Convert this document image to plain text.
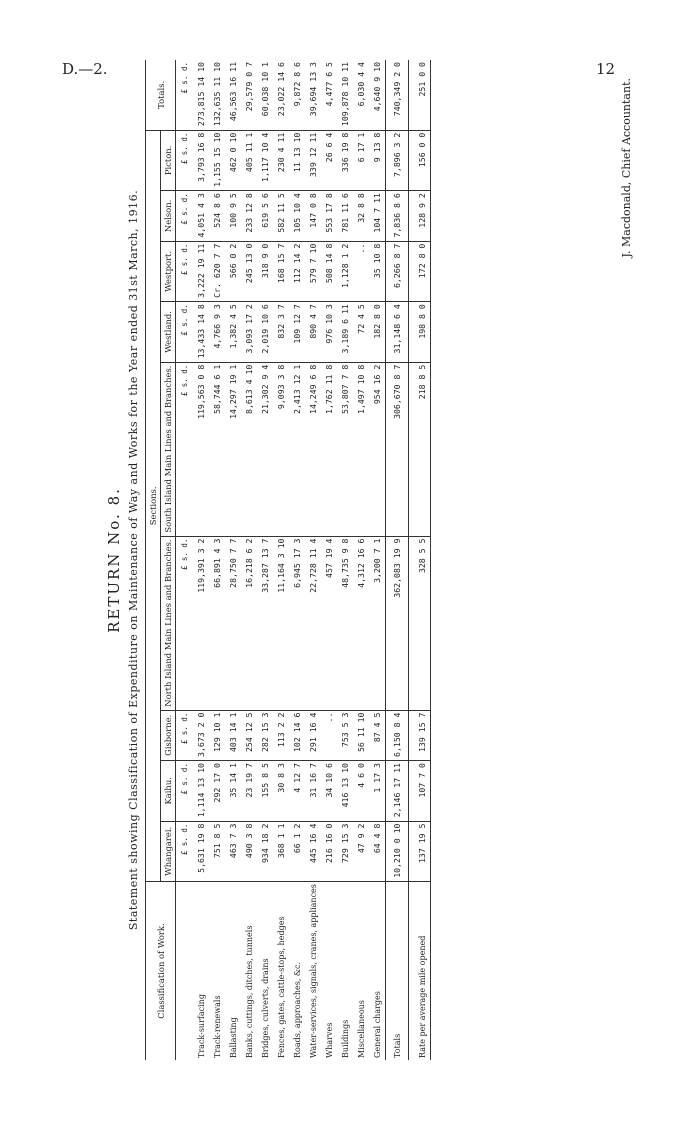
D.—2.	12
RETURN No. 8. Statement showing Classification of Expenditure on Maintenance of Way and Works for the Year ended 31st March, 1916.
Classification of Work.	Sections.									Totals.
	Whangarei.	Kaihu.	Gisborne.	North Island Main Lines and Branches.	South Island Main Lines and Branches.	Westland.	Westport.	Nelson.	Picton.	
	£ s. d.	£ s. d.	£ s. d.	£ s. d.	£ s. d.	£ s. d.	£ s. d.	£ s. d.	£ s. d.	£ s. d.
Track-surfacing	5,631 19 8	1,114 13 10	3,673 2 0	119,391 3 2	119,563 0 8	13,433 14 8	3,222 19 11	4,051 4 3	3,793 16 8	273,815 14 10
Track-renewals	751 8 5	292 17 0	129 10 1	66,891 4 3	58,744 6 1	4,766 9 3	Cr. 620 7 7	524 8 6	1,155 15 10	132,635 11 10
Ballasting	463 7 3	35 14 1	403 14 1	28,750 7 7	14,297 19 1	1,382 4 5	566 0 2	100 9 5	462 0 10	46,563 16 11
Banks, cuttings, ditches, tunnels	490 3 8	23 19 7	254 12 5	16,218 6 2	8,613 4 10	3,093 17 2	245 13 0	233 12 8	405 11 1	29,579 0 7
Bridges, culverts, drains	934 18 2	155 8 5	282 15 3	33,287 13 7	21,302 9 4	2,019 10 6	318 9 0	619 5 6	1,117 10 4	60,038 10 1
Fences, gates, cattle-stops, hedges	368 1 1	30 8 3	113 2 2	11,164 3 10	9,093 3 8	832 3 7	168 15 7	582 11 5	230 4 11	23,022 14 6
Roads, approaches, &c.	66 1 2	4 12 7	102 14 6	6,945 17 3	2,413 12 1	109 12 7	112 14 2	105 10 4	11 13 10	9,872 8 6
Water-services, signals, cranes, appliances	445 16 4	31 16 7	291 16 4	22,728 11 4	14,249 6 8	890 4 7	579 7 10	147 0 8	339 12 11	39,694 13 3
Wharves	216 16 0	34 10 6	..	457 19 4	1,762 11 8	976 10 3	508 14 8	553 17 8	26 6 4	4,477 6 5
Buildings	729 15 3	416 13 10	753 5 3	48,735 9 8	53,807 7 8	3,189 6 11	1,128 1 2	781 11 6	336 19 8	109,878 10 11
Miscellaneous	47 9 2	4 6 0	56 11 10	4,312 16 6	1,497 10 8	72 4 5	..	32 8 8	6 17 1	6,030 4 4
General charges	64 4 8	1 17 3	87 4 5	3,200 7 1	954 16 2	182 8 0	35 10 8	104 7 11	9 13 8	4,640 9 10
Totals	10,210 0 10	2,146 17 11	6,150 8 4	362,083 19 9	306,670 8 7	31,148 6 4	6,266 8 7	7,836 8 6	7,896 3 2	740,349 2 0
Rate per average mile opened	137 19 5	107 7 0	139 15 7	328 5 5	218 8 5	198 8 0	172 8 0	128 9 2	156 0 0	251 0 0	J. Macdonald, Chief Accountant.
